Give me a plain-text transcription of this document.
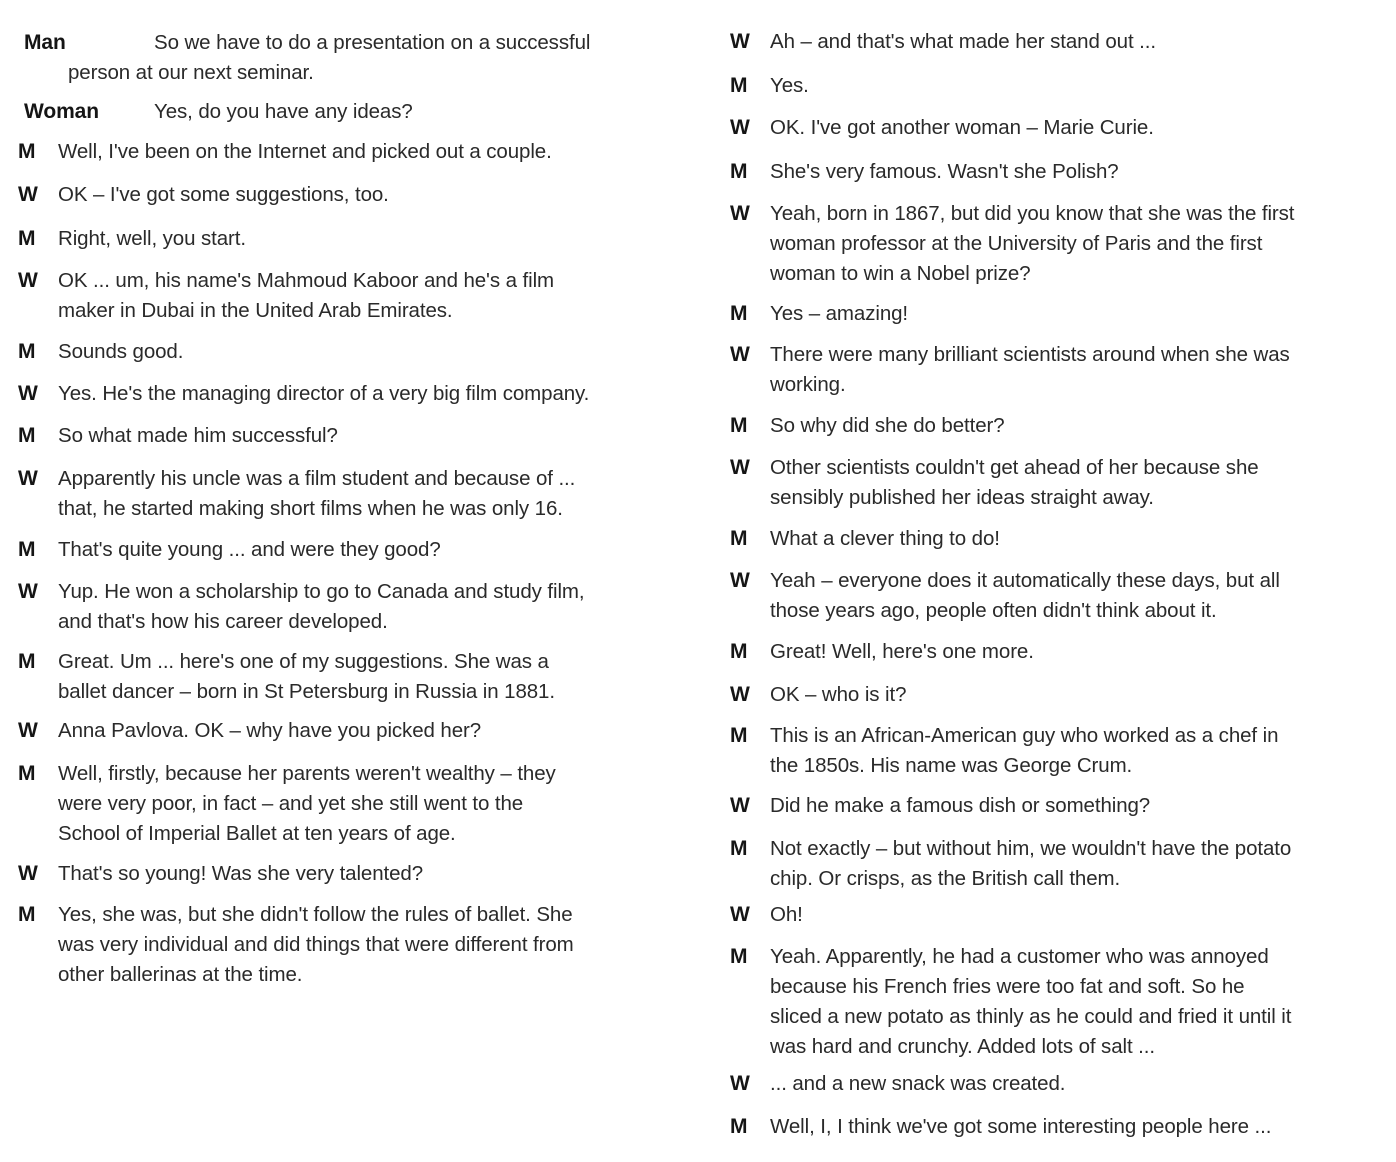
Man	So we have to do a presentation on a successful
person at our next seminar.
Woman	Yes, do you have any ideas?
M	Well, I've been on the Internet and picked out a couple.
W OK – I've got some suggestions, too.
M	Right, well, you start.
W OK ... um, his name's Mahmoud Kaboor and he's a film
maker in Dubai in the United Arab Emirates.
M	Sounds good.
W Yes. He's the managing director of a very big film company.
M	So what made him successful?
W Apparently his uncle was a film student and because of ...
that, he started making short films when he was only 16.
M	That's quite young ... and were they good?
W Yup. He won a scholarship to go to Canada and study film,
and that's how his career developed.
M	Great. Um ... here's one of my suggestions. She was a
ballet dancer – born in St Petersburg in Russia in 1881.
W Anna Pavlova. OK – why have you picked her?
M	Well, firstly, because her parents weren't wealthy – they
were very poor, in fact – and yet she still went to the
School of Imperial Ballet at ten years of age.
W That's so young! Was she very talented?
M	Yes, she was, but she didn't follow the rules of ballet. She
was very individual and did things that were different from
other ballerinas at the time.
W Ah – and that's what made her stand out ...
M	Yes.
W OK. I've got another woman – Marie Curie.
M	She's very famous. Wasn't she Polish?
W Yeah, born in 1867, but did you know that she was the first
woman professor at the University of Paris and the first
woman to win a Nobel prize?
M	Yes – amazing!
W There were many brilliant scientists around when she was
working.
M	So why did she do better?
W Other scientists couldn't get ahead of her because she
sensibly published her ideas straight away.
M	What a clever thing to do!
W Yeah – everyone does it automatically these days, but all
those years ago, people often didn't think about it.
M	Great! Well, here's one more.
W OK – who is it?
M	This is an African-American guy who worked as a chef in
the 1850s. His name was George Crum.
W Did he make a famous dish or something?
M	Not exactly – but without him, we wouldn't have the potato
chip. Or crisps, as the British call them.
W Oh!
M	Yeah. Apparently, he had a customer who was annoyed
because his French fries were too fat and soft. So he
sliced a new potato as thinly as he could and fried it until it
was hard and crunchy. Added lots of salt ...
W ... and a new snack was created.
M	Well, I, I think we've got some interesting people here ...
